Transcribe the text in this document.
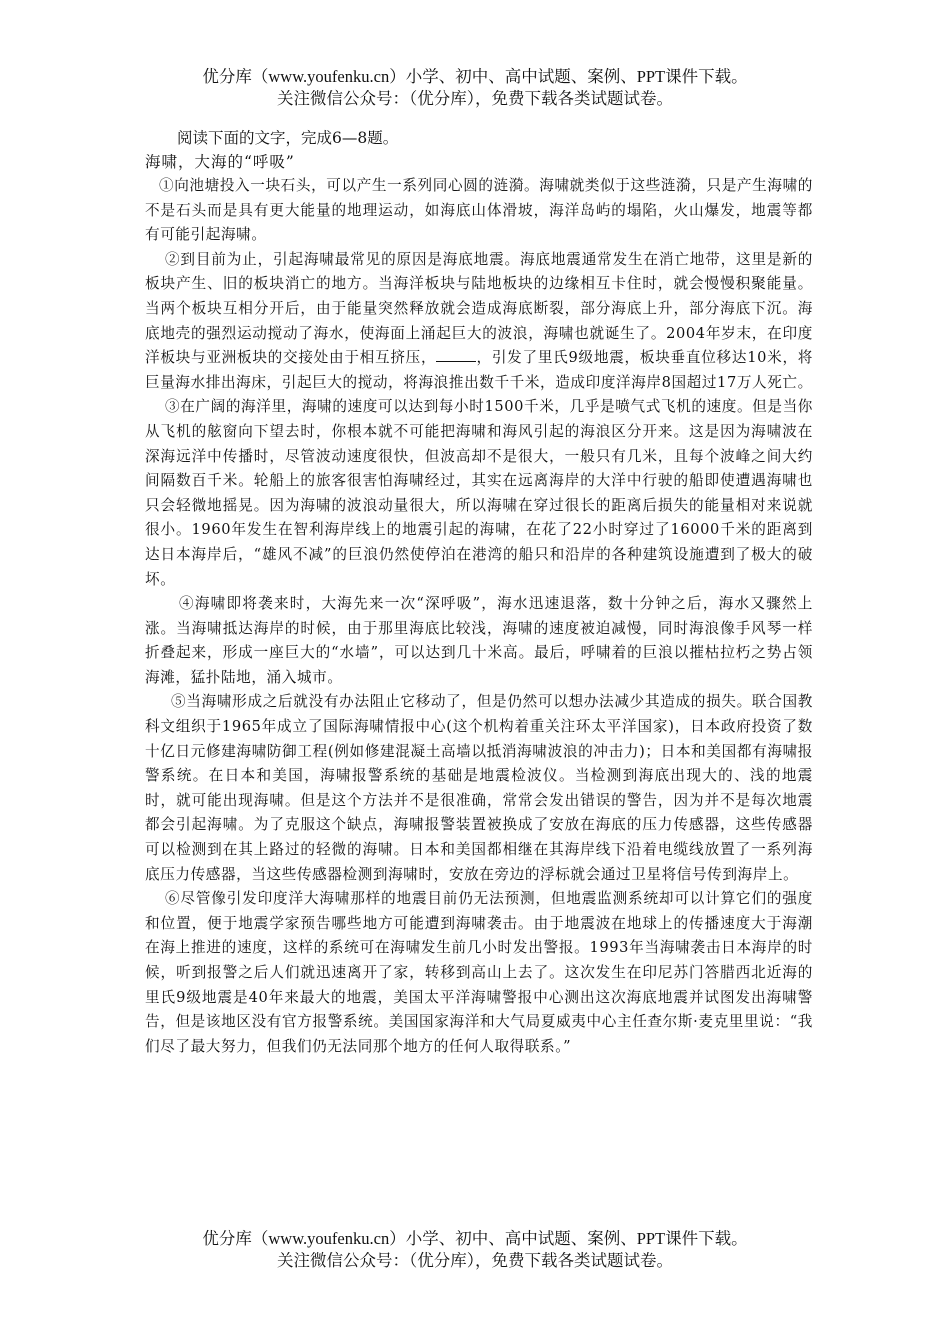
优分库（www.youfenku.cn）小学、初中、高中试题、案例、PPT课件下载。
关注微信公众号：（优分库），免费下载各类试题试卷。

阅读下面的文字，完成6—8题。

海啸，大海的“呼吸”

①向池塘投入一块石头，可以产生一系列同心圆的涟漪。海啸就类似于这些涟漪，只是产生海啸的不是石头而是具有更大能量的地理运动，如海底山体滑坡，海洋岛屿的塌陷，火山爆发，地震等都有可能引起海啸。

②到目前为止，引起海啸最常见的原因是海底地震。海底地震通常发生在消亡地带，这里是新的板块产生、旧的板块消亡的地方。当海洋板块与陆地板块的边缘相互卡住时，就会慢慢积聚能量。当两个板块互相分开后，由于能量突然释放就会造成海底断裂，部分海底上升，部分海底下沉。海底地壳的强烈运动搅动了海水，使海面上涌起巨大的波浪，海啸也就诞生了。2004年岁末，在印度洋板块与亚洲板块的交接处由于相互挤压，	，引发了里氏9级地震，板块垂直位移达10米，将巨量海水排出海床，引起巨大的搅动，将海浪推出数千千米，造成印度洋海岸8国超过17万人死亡。

③在广阔的海洋里，海啸的速度可以达到每小时1500千米，几乎是喷气式飞机的速度。但是当你从飞机的舷窗向下望去时，你根本就不可能把海啸和海风引起的海浪区分开来。这是因为海啸波在深海远洋中传播时，尽管波动速度很快，但波高却不是很大，一般只有几米，且每个波峰之间大约间隔数百千米。轮船上的旅客很害怕海啸经过，其实在远离海岸的大洋中行驶的船即使遭遇海啸也只会轻微地摇晃。因为海啸的波浪动量很大，所以海啸在穿过很长的距离后损失的能量相对来说就很小。1960年发生在智利海岸线上的地震引起的海啸，在花了22小时穿过了16000千米的距离到达日本海岸后，“雄风不减”的巨浪仍然使停泊在港湾的船只和沿岸的各种建筑设施遭到了极大的破坏。

④海啸即将袭来时，大海先来一次“深呼吸”，海水迅速退落，数十分钟之后，海水又骤然上涨。当海啸抵达海岸的时候，由于那里海底比较浅，海啸的速度被迫减慢，同时海浪像手风琴一样折叠起来，形成一座巨大的“水墙”，可以达到几十米高。最后，呼啸着的巨浪以摧枯拉朽之势占领海滩，猛扑陆地，涌入城市。

⑤当海啸形成之后就没有办法阻止它移动了，但是仍然可以想办法减少其造成的损失。联合国教科文组织于1965年成立了国际海啸情报中心(这个机构着重关注环太平洋国家)，日本政府投资了数十亿日元修建海啸防御工程(例如修建混凝土高墙以抵消海啸波浪的冲击力)；日本和美国都有海啸报警系统。在日本和美国，海啸报警系统的基础是地震检波仪。当检测到海底出现大的、浅的地震时，就可能出现海啸。但是这个方法并不是很准确，常常会发出错误的警告，因为并不是每次地震都会引起海啸。为了克服这个缺点，海啸报警装置被换成了安放在海底的压力传感器，这些传感器可以检测到在其上路过的轻微的海啸。日本和美国都相继在其海岸线下沿着电缆线放置了一系列海底压力传感器，当这些传感器检测到海啸时，安放在旁边的浮标就会通过卫星将信号传到海岸上。

⑥尽管像引发印度洋大海啸那样的地震目前仍无法预测，但地震监测系统却可以计算它们的强度和位置，便于地震学家预告哪些地方可能遭到海啸袭击。由于地震波在地球上的传播速度大于海潮在海上推进的速度，这样的系统可在海啸发生前几小时发出警报。1993年当海啸袭击日本海岸的时候，听到报警之后人们就迅速离开了家，转移到高山上去了。这次发生在印尼苏门答腊西北近海的里氏9级地震是40年来最大的地震，美国太平洋海啸警报中心测出这次海底地震并试图发出海啸警告，但是该地区没有官方报警系统。美国国家海洋和大气局夏威夷中心主任查尔斯·麦克里里说：“我们尽了最大努力，但我们仍无法同那个地方的任何人取得联系。”

优分库（www.youfenku.cn）小学、初中、高中试题、案例、PPT课件下载。
关注微信公众号：（优分库），免费下载各类试题试卷。
